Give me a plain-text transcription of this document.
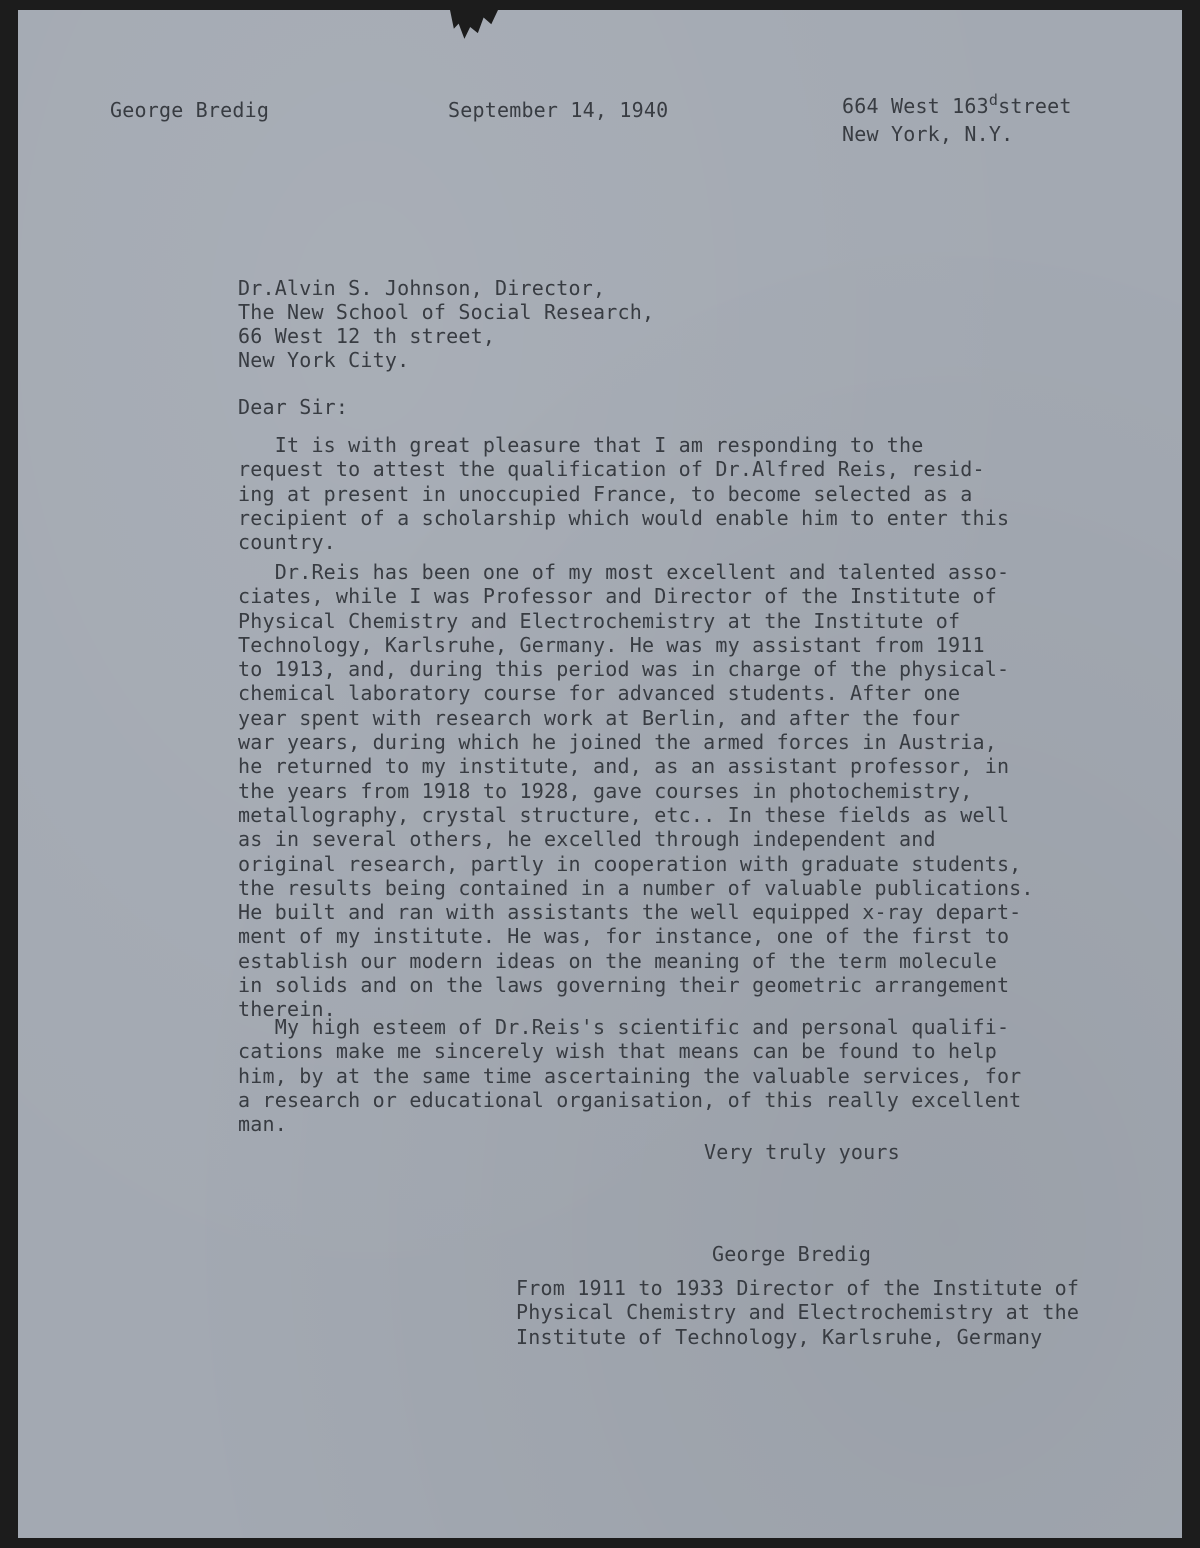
George Bredig	September 14, 1940	664 West 163$^d$street

New York, N.Y.

Dr.Alvin S. Johnson, Director,

The New School of Social Research,

66 West 12 th street,

New York City.

Dear Sir:

It is with great pleasure that I am responding to the
request to attest the qualification of Dr.Alfred Reis, resid-
ing at present in unoccupied France, to become selected as a
recipient of a scholarship which would enable him to enter this
country.

Dr.Reis has been one of my most excellent and talented asso-
ciates, while I was Professor and Director of the Institute of
Physical Chemistry and Electrochemistry at the Institute of
Technology, Karlsruhe, Germany. He was my assistant from 1911
to 1913, and, during this period was in charge of the physical-
chemical laboratory course for advanced students. After one
year spent with research work at Berlin, and after the four
war years, during which he joined the armed forces in Austria,
he returned to my institute, and, as an assistant professor, in
the years from 1918 to 1928, gave courses in photochemistry,
metallography, crystal structure, etc.. In these fields as well
as in several others, he excelled through independent and
original research, partly in cooperation with graduate students,
the results being contained in a number of valuable publications.
He built and ran with assistants the well equipped x-ray depart-
ment of my institute. He was, for instance, one of the first to
establish our modern ideas on the meaning of the term molecule
in solids and on the laws governing their geometric arrangement
therein.

My high esteem of Dr.Reis's scientific and personal qualifi-
cations make me sincerely wish that means can be found to help
him, by at the same time ascertaining the valuable services, for
a research or educational organisation, of this really excellent
man.

Very truly yours

George Bredig

From 1911 to 1933 Director of the Institute of
Physical Chemistry and Electrochemistry at the
Institute of Technology, Karlsruhe, Germany
